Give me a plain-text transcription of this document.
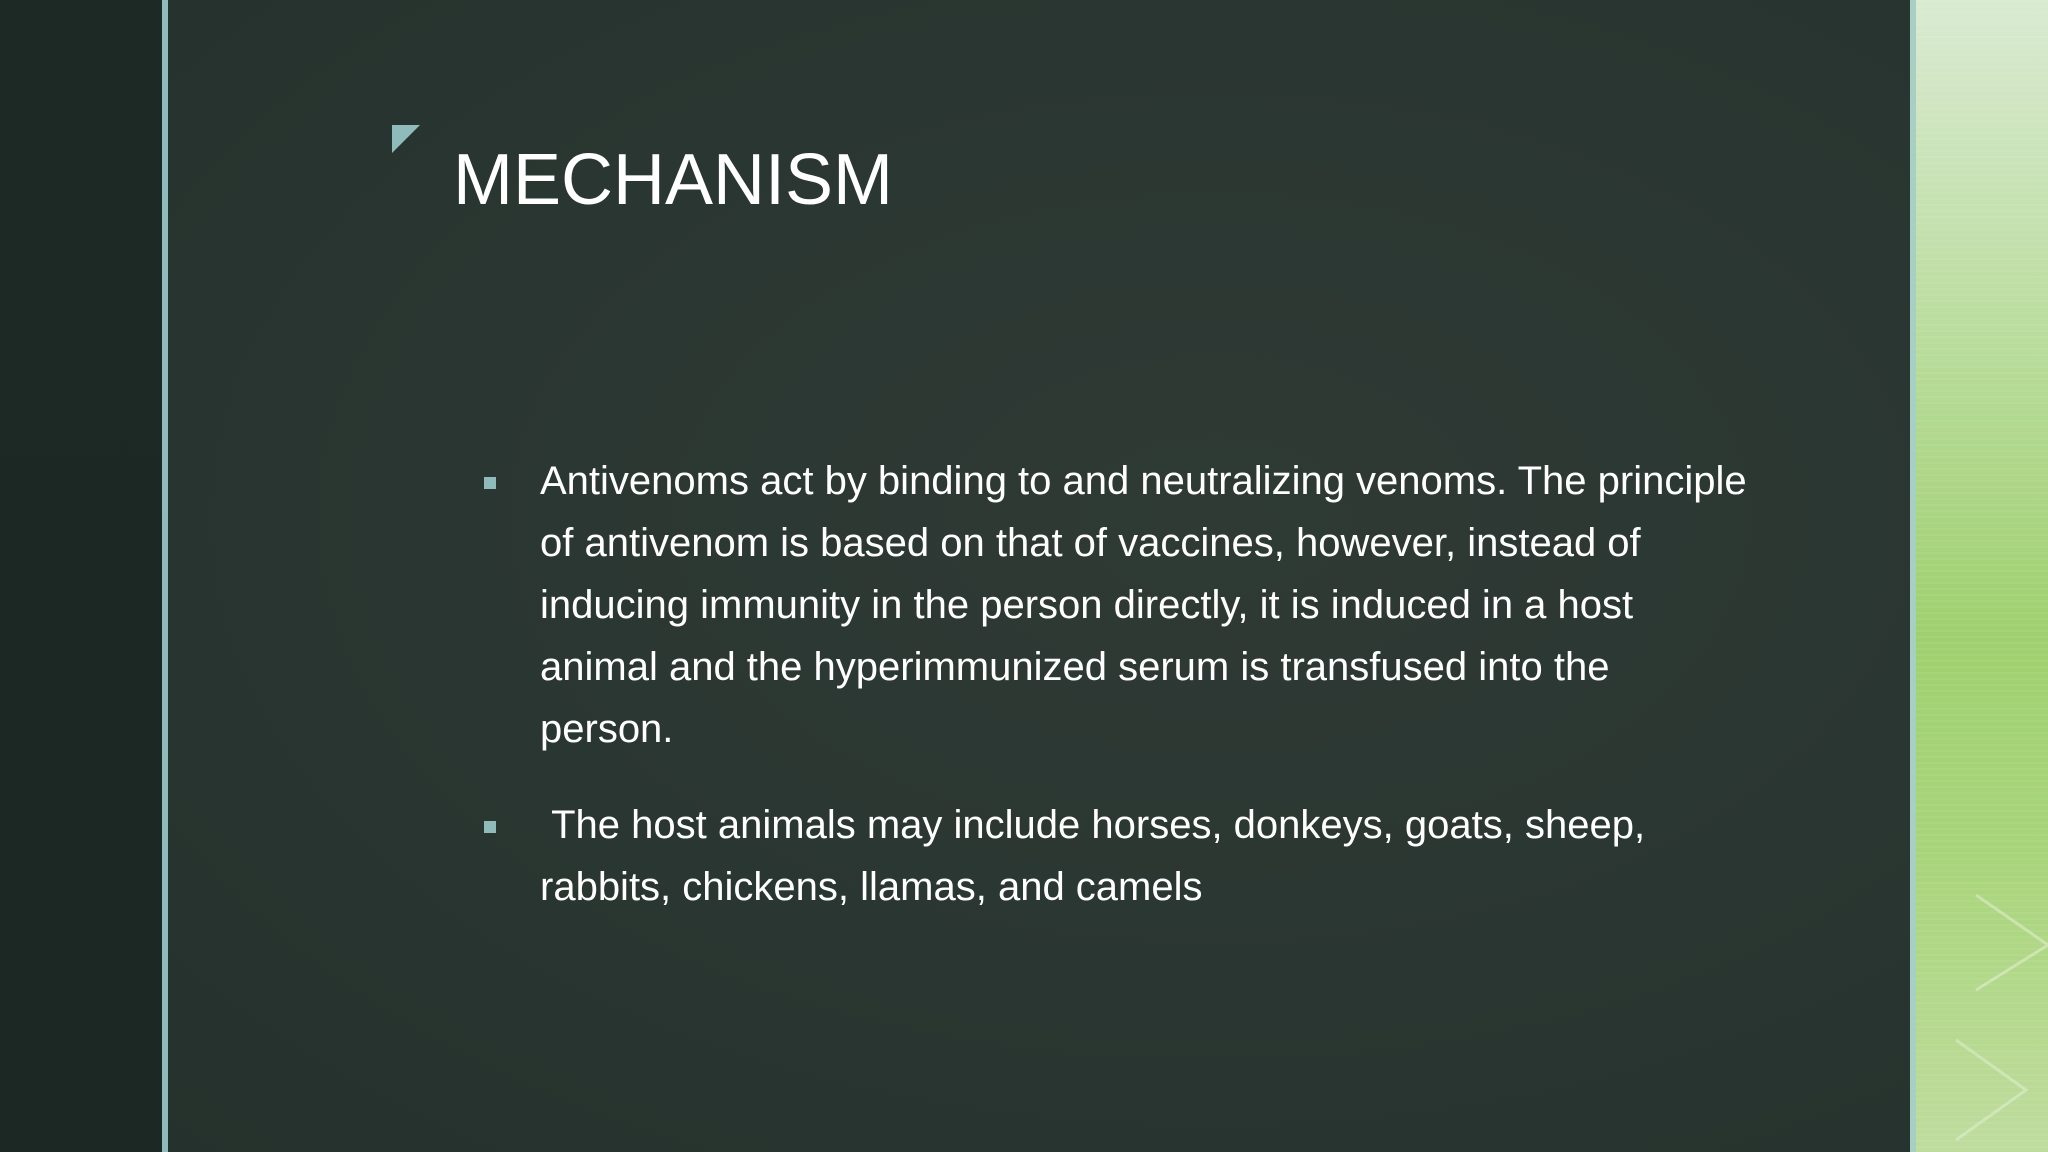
MECHANISM
Antivenoms act by binding to and neutralizing venoms. The principle of antivenom is based on that of vaccines, however, instead of inducing immunity in the person directly, it is induced in a host animal and the hyperimmunized serum is transfused into the person.
The host animals may include horses, donkeys, goats, sheep, rabbits, chickens, llamas, and camels
